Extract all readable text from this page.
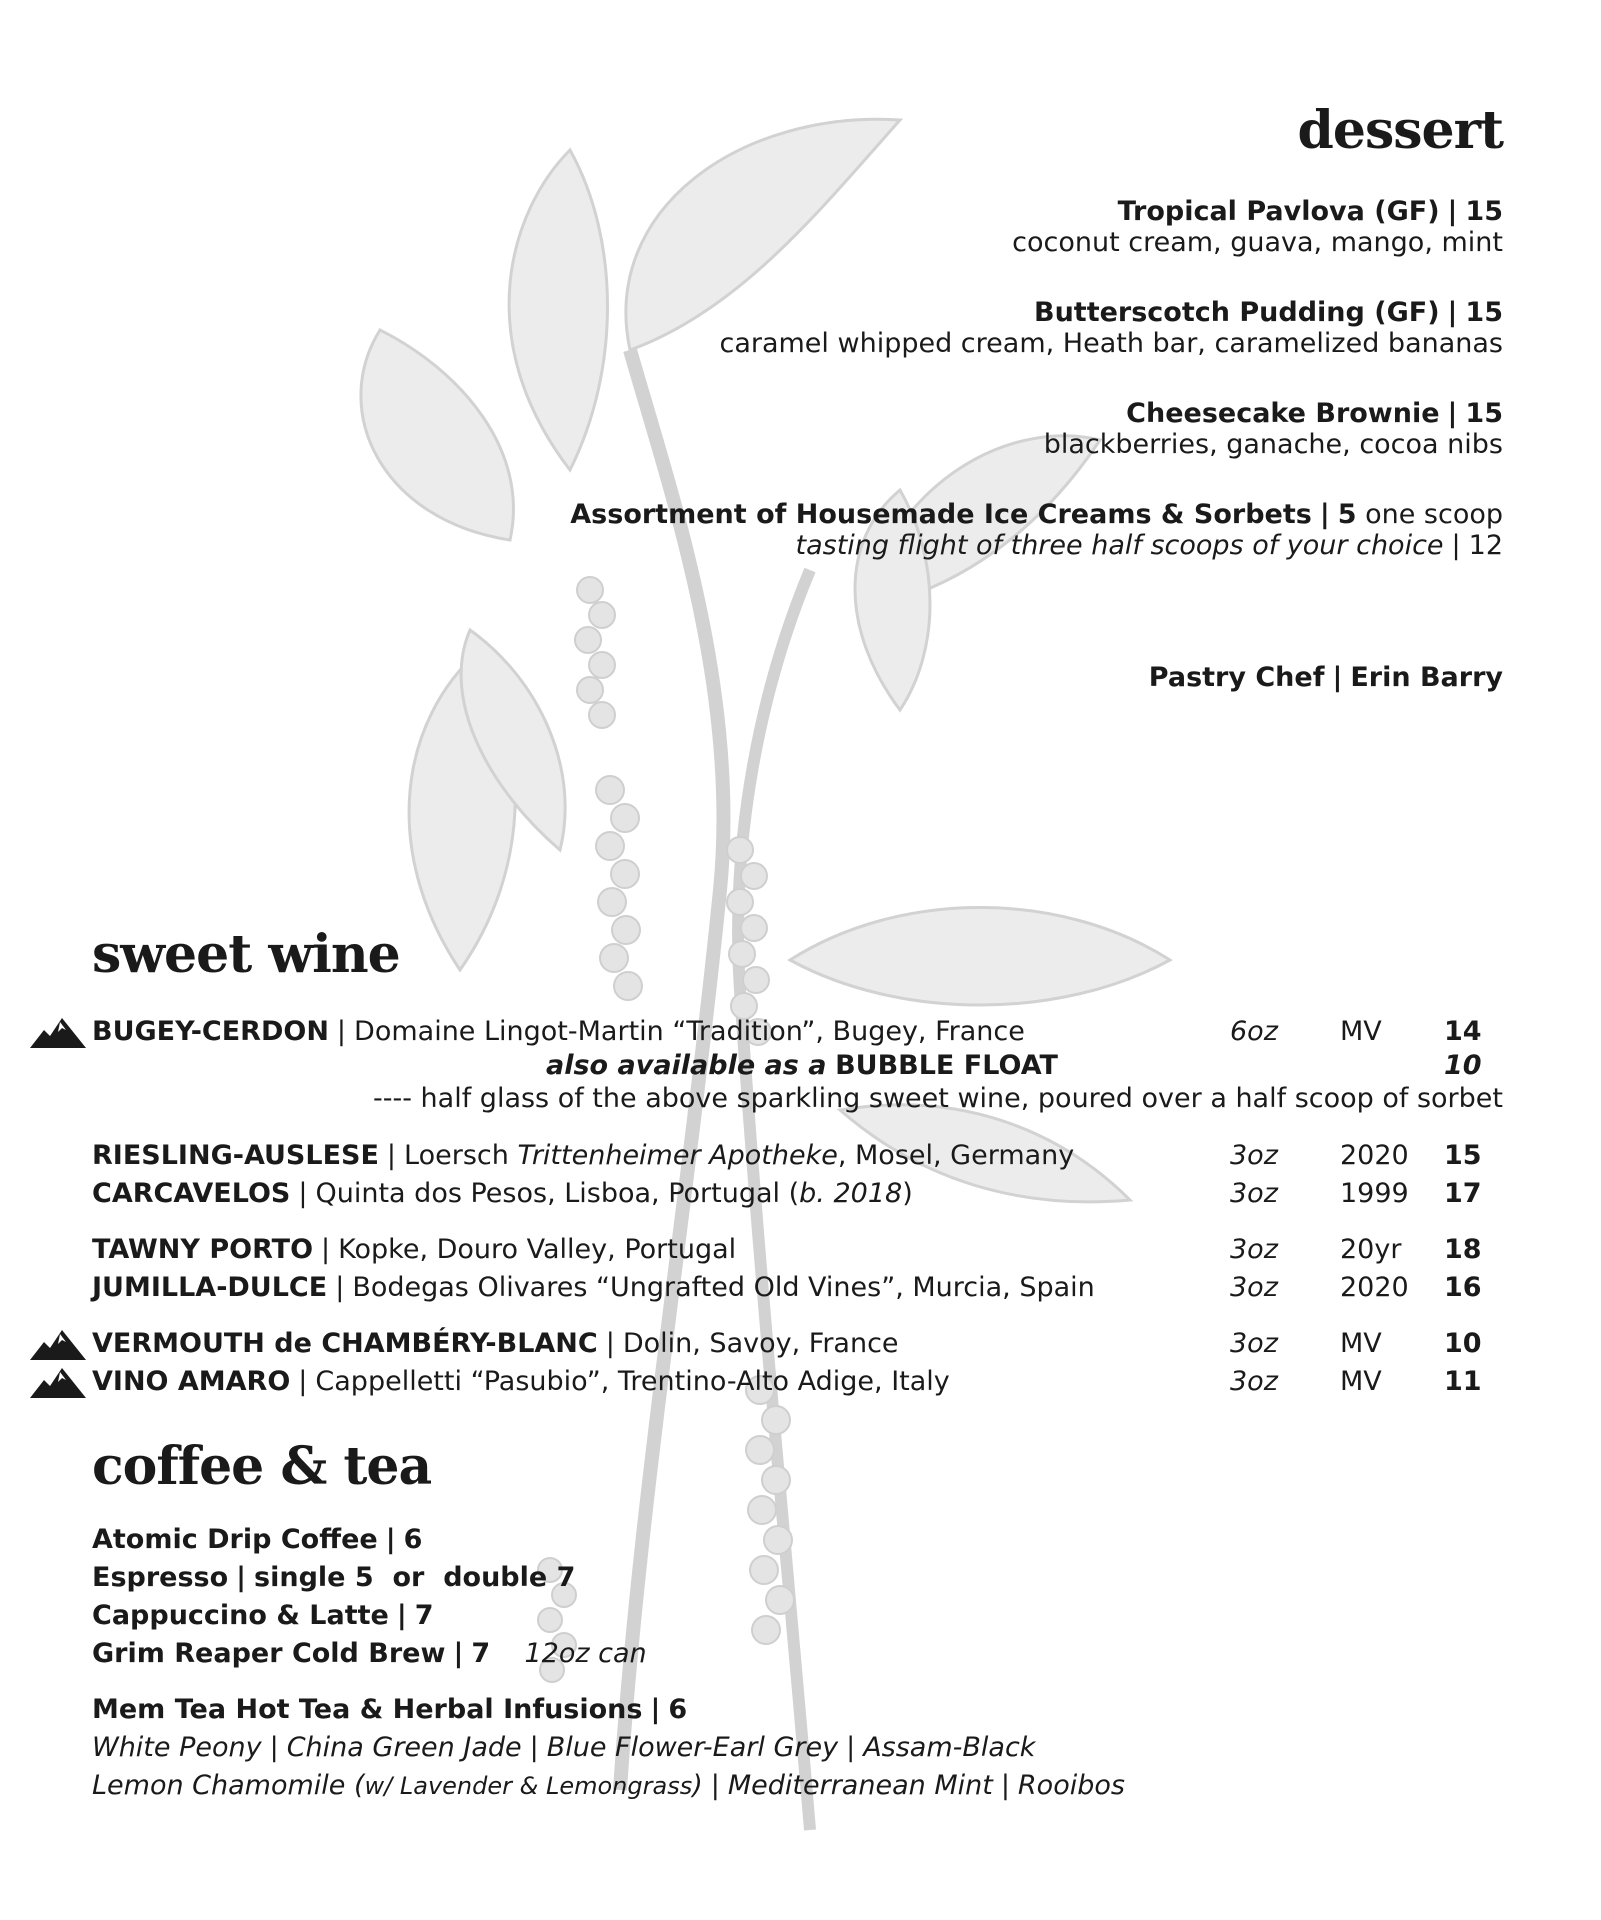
dessert
Tropical Pavlova (GF) | 15
coconut cream, guava, mango, mint
Butterscotch Pudding (GF) | 15
caramel whipped cream, Heath bar, caramelized bananas
Cheesecake Brownie | 15
blackberries, ganache, cocoa nibs
Assortment of Housemade Ice Creams & Sorbets | 5 one scoop
tasting flight of three half scoops of your choice | 12
Pastry Chef | Erin Barry
sweet wine
BUGEY-CERDON | Domaine Lingot-Martin “Tradition”, Bugey, France	6oz MV 14
also available as a BUBBLE FLOAT	10
---- half glass of the above sparkling sweet wine, poured over a half scoop of sorbet
RIESLING-AUSLESE | Loersch Trittenheimer Apotheke, Mosel, Germany	3oz 2020 15
CARCAVELOS | Quinta dos Pesos, Lisboa, Portugal (b. 2018)	3oz 1999 17
TAWNY PORTO | Kopke, Douro Valley, Portugal	3oz 20yr 18
JUMILLA-DULCE | Bodegas Olivares “Ungrafted Old Vines”, Murcia, Spain	3oz 2020 16
VERMOUTH de CHAMBÉRY-BLANC | Dolin, Savoy, France	3oz MV 10
VINO AMARO | Cappelletti “Pasubio”, Trentino-Alto Adige, Italy	3oz MV 11
coffee & tea
Atomic Drip Coffee | 6
Espresso | single 5 or double 7
Cappuccino & Latte | 7
Grim Reaper Cold Brew | 7 12oz can
Mem Tea Hot Tea & Herbal Infusions | 6
White Peony | China Green Jade | Blue Flower-Earl Grey | Assam-Black
Lemon Chamomile (w/ Lavender & Lemongrass) | Mediterranean Mint | Rooibos
